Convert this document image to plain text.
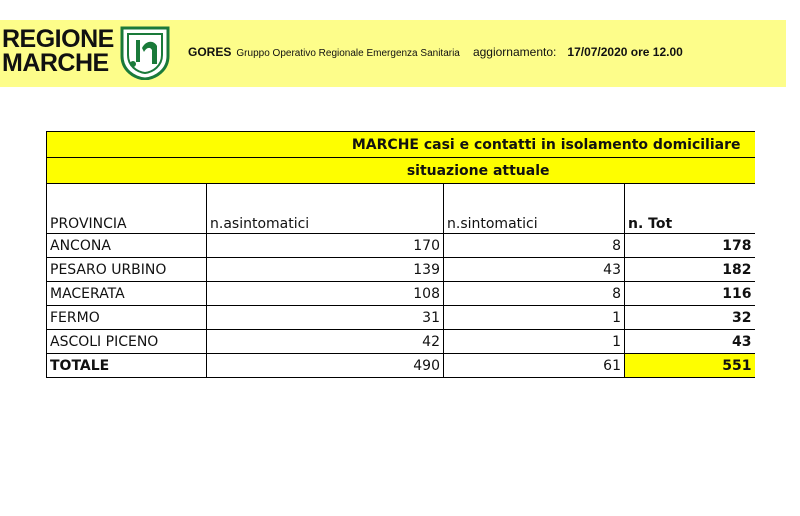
REGIONE
MARCHE	GORES Gruppo Operativo Regionale Emergenza Sanitaria aggiornamento: 17/07/2020 ore 12.00
MARCHE casi e contatti in isolamento domiciliare			
situazione attuale			
PROVINCIA	n.asintomatici	n.sintomatici	n. Tot
ANCONA	170	8	178
PESARO URBINO	139	43	182
MACERATA	108	8	116
FERMO	31	1	32
ASCOLI PICENO	42	1	43
TOTALE	490	61	551
